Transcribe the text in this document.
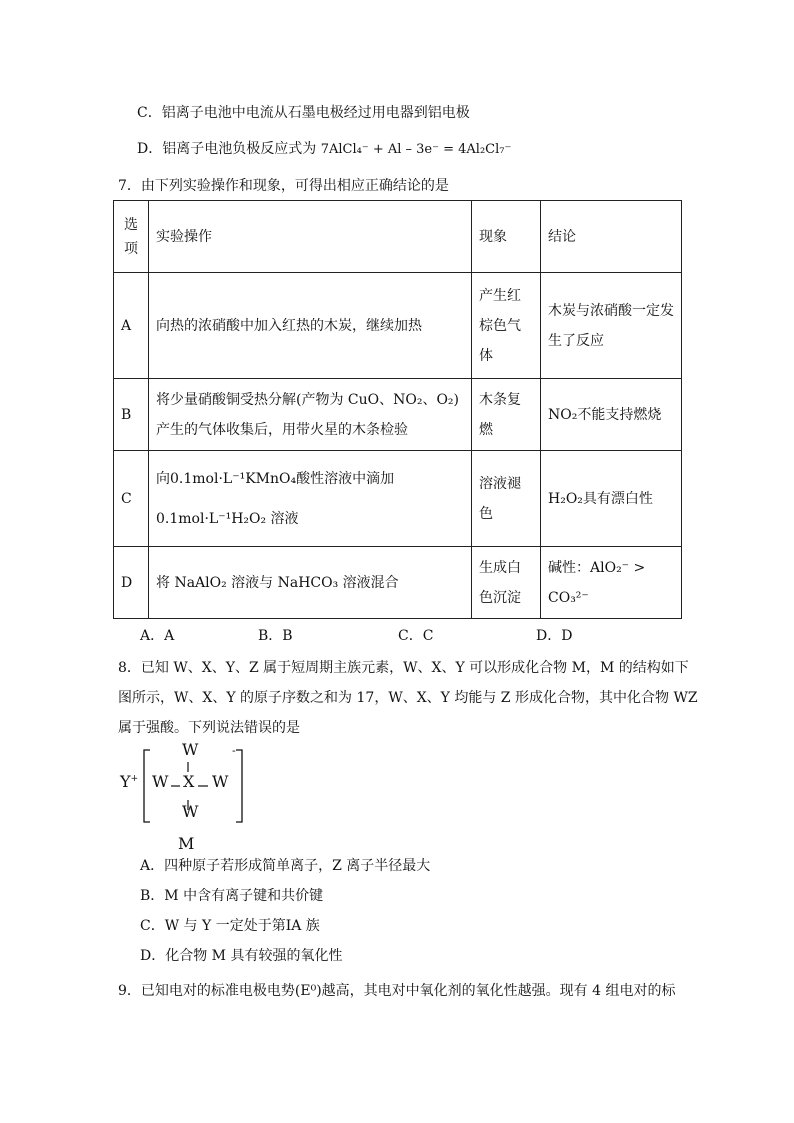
C．铝离子电池中电流从石墨电极经过用电器到铝电极
D．铝离子电池负极反应式为 7AlCl₄⁻ + Al – 3e⁻ = 4Al₂Cl₇⁻
7．由下列实验操作和现象，可得出相应正确结论的是
选项	实验操作	现象	结论
A	向热的浓硝酸中加入红热的木炭，继续加热	产生红棕色气体	木炭与浓硝酸一定发生了反应
B	将少量硝酸铜受热分解(产物为 CuO、NO₂、O₂)产生的气体收集后，用带火星的木条检验	木条复燃	NO₂不能支持燃烧
C	向0.1mol·L⁻¹KMnO₄酸性溶液中滴加
0.1mol·L⁻¹H₂O₂ 溶液	溶液褪色	H₂O₂具有漂白性
D	将 NaAlO₂ 溶液与 NaHCO₃ 溶液混合	生成白色沉淀	碱性：AlO₂⁻ > CO₃²⁻
A．A	B．B	C．C	D．D
8．已知 W、X、Y、Z 属于短周期主族元素，W、X、Y 可以形成化合物 M，M 的结构如下
图所示，W、X、Y 的原子序数之和为 17，W、X、Y 均能与 Z 形成化合物，其中化合物 WZ
属于强酸。下列说法错误的是
Y+
-
W
W X W
W
M
A．四种原子若形成简单离子，Z 离子半径最大
B．M 中含有离子键和共价键
C．W 与 Y 一定处于第ⅠA 族
D．化合物 M 具有较强的氧化性
9．已知电对的标准电极电势(E⁰)越高，其电对中氧化剂的氧化性越强。现有 4 组电对的标
